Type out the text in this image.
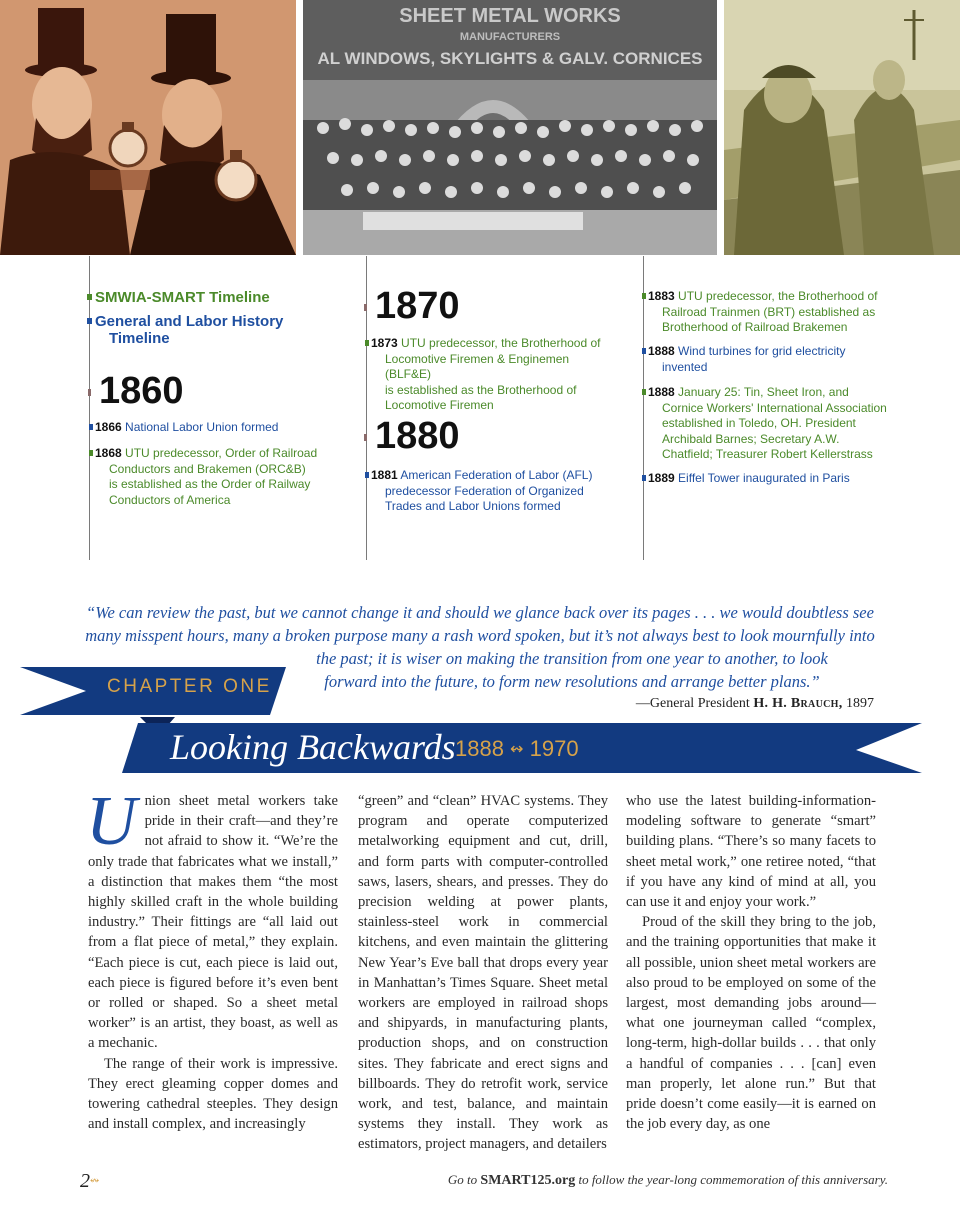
SHEET METAL WORKS
MANUFACTURERS
AL WINDOWS, SKYLIGHTS & GALV. CORNICES
SMWIA-SMART Timeline
General and Labor History
Timeline
1860
1866 National Labor Union formed
1868 UTU predecessor, Order of Railroad
Conductors and Brakemen (ORC&B)
is established as the Order of Railway
Conductors of America
1870
1873 UTU predecessor, the Brotherhood of
Locomotive Firemen & Enginemen (BLF&E)
is established as the Brotherhood of
Locomotive Firemen
1880
1881 American Federation of Labor (AFL)
predecessor Federation of Organized
Trades and Labor Unions formed
1883 UTU predecessor, the Brotherhood of
Railroad Trainmen (BRT) established as
Brotherhood of Railroad Brakemen
1888 Wind turbines for grid electricity
invented
1888 January 25: Tin, Sheet Iron, and
Cornice Workers' International Association
established in Toledo, OH. President
Archibald Barnes; Secretary A.W.
Chatfield; Treasurer Robert Kellerstrass
1889 Eiffel Tower inaugurated in Paris
“We can review the past, but we cannot change it and should we glance back over its pages . . . we would doubtless see
many misspent hours, many a broken purpose many a rash word spoken, but it’s not always best to look mournfully into
the past; it is wiser on making the transition from one year to another, to look
forward into the future, to form new resolutions and arrange better plans.”
—General President H. H. Brauch, 1897
CHAPTER ONE
Looking Backwards 1888 ↭ 1970

Union sheet metal workers take pride in their craft—and they’re not afraid to show it. “We’re the only trade that fabricates what we install,” a distinction that makes them “the most highly skilled craft in the whole building industry.” Their fittings are “all laid out from a flat piece of metal,” they explain. “Each piece is cut, each piece is laid out, each piece is figured before it’s even bent or rolled or shaped. So a sheet metal worker” is an artist, they boast, as well as a mechanic.

The range of their work is impressive. They erect gleaming copper domes and towering cathedral steeples. They design and install complex, and increasingly

“green” and “clean” HVAC systems. They program and operate computerized metalworking equipment and cut, drill, and form parts with computer-controlled saws, lasers, shears, and presses. They do precision welding at power plants, stainless-steel work in commercial kitchens, and even maintain the glittering New Year’s Eve ball that drops every year in Manhattan’s Times Square. Sheet metal workers are employed in railroad shops and shipyards, in manufacturing plants, production shops, and on construction sites. They fabricate and erect signs and billboards. They do retrofit work, service work, and test, balance, and maintain systems they install. They work as estimators, project managers, and detailers

who use the latest building-information-modeling software to generate “smart” building plans. “There’s so many facets to sheet metal work,” one retiree noted, “that if you have any kind of mind at all, you can use it and enjoy your work.”

Proud of the skill they bring to the job, and the training opportunities that make it all possible, union sheet metal workers are also proud to be employed on some of the largest, most demanding jobs around—what one journeyman called “complex, long-term, high-dollar builds . . . that only a handful of companies . . . [can] even man properly, let alone run.” But that pride doesn’t come easily—it is earned on the job every day, as one

2↭	Go to SMART125.org to follow the year-long commemoration of this anniversary.
